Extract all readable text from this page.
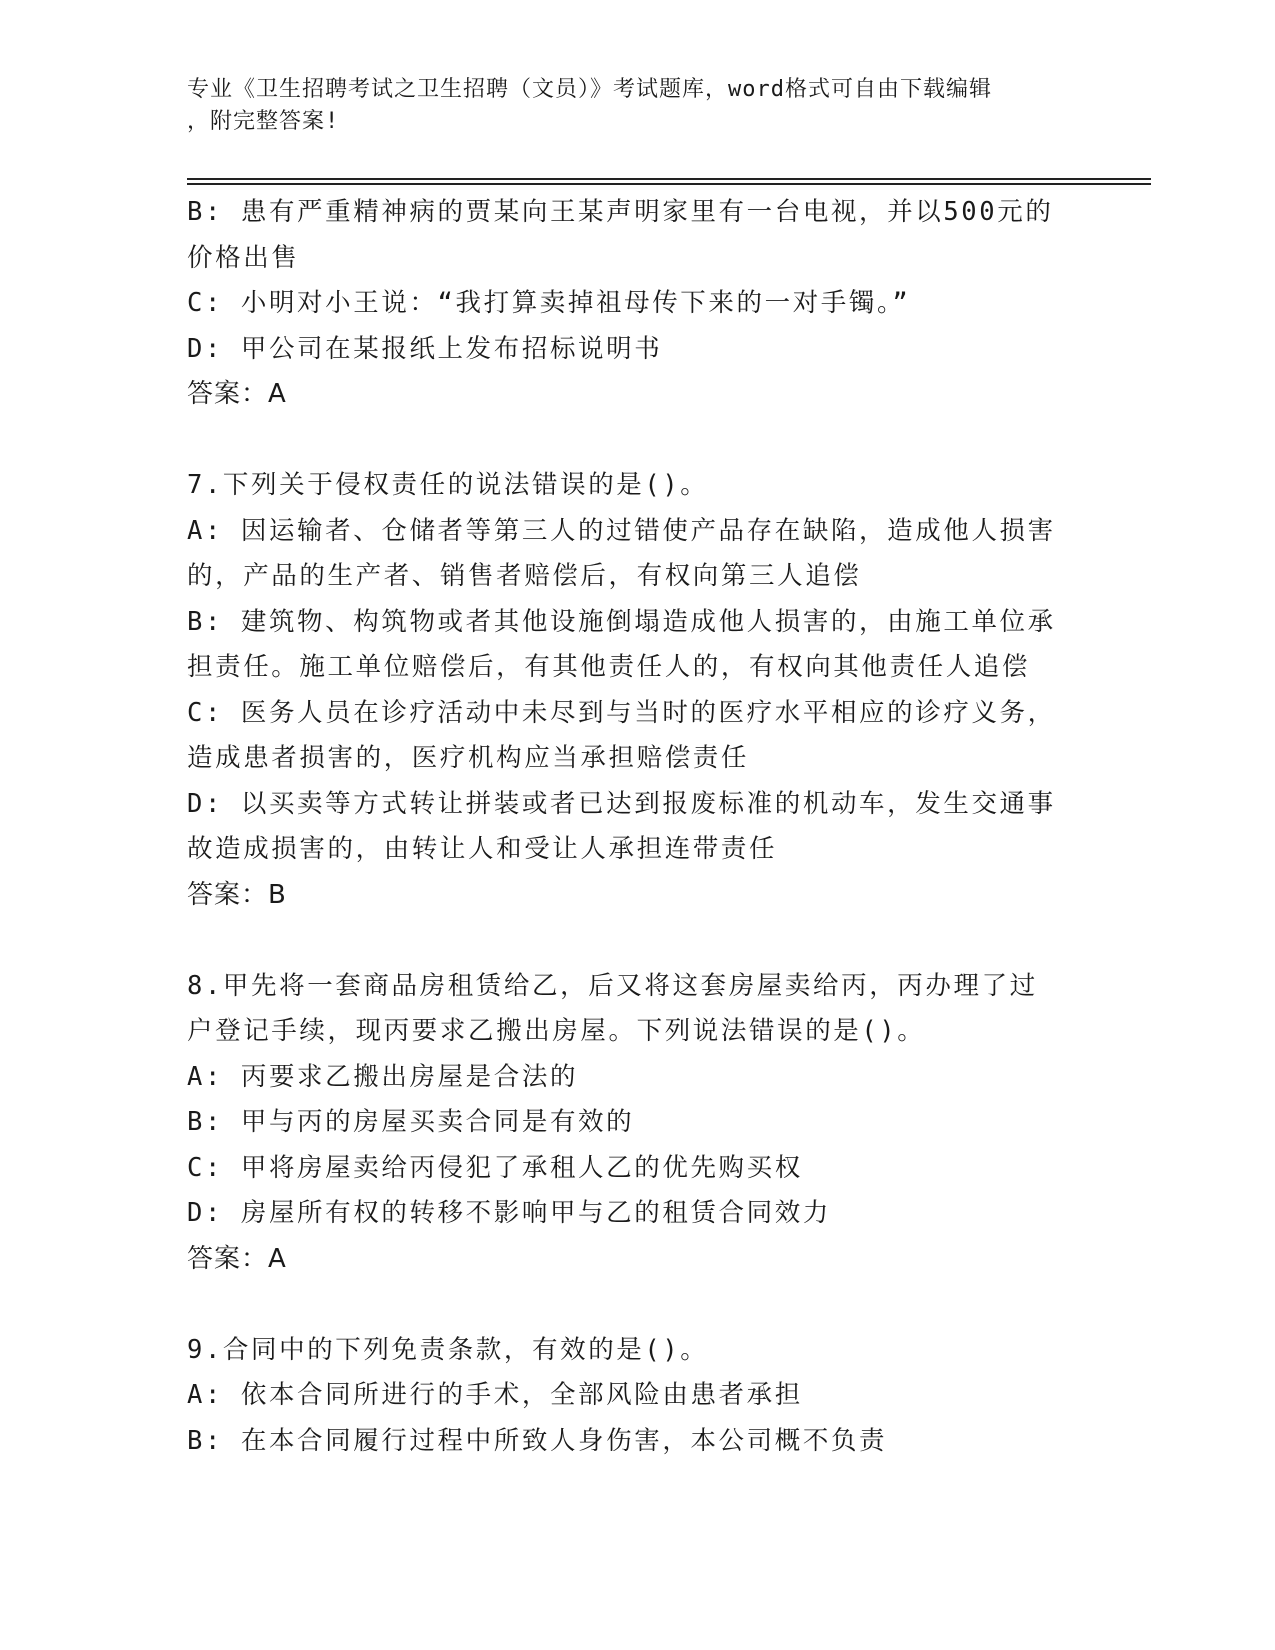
专业《卫生招聘考试之卫生招聘（文员）》考试题库，word格式可自由下载编辑
，附完整答案!
B: 患有严重精神病的贾某向王某声明家里有一台电视，并以500元的
价格出售
C: 小明对小王说：“我打算卖掉祖母传下来的一对手镯。”
D: 甲公司在某报纸上发布招标说明书
答案：A
7.下列关于侵权责任的说法错误的是()。
A: 因运输者、仓储者等第三人的过错使产品存在缺陷，造成他人损害
的，产品的生产者、销售者赔偿后，有权向第三人追偿
B: 建筑物、构筑物或者其他设施倒塌造成他人损害的，由施工单位承
担责任。施工单位赔偿后，有其他责任人的，有权向其他责任人追偿
C: 医务人员在诊疗活动中未尽到与当时的医疗水平相应的诊疗义务，
造成患者损害的，医疗机构应当承担赔偿责任
D: 以买卖等方式转让拼装或者已达到报废标准的机动车，发生交通事
故造成损害的，由转让人和受让人承担连带责任
答案：B
8.甲先将一套商品房租赁给乙，后又将这套房屋卖给丙，丙办理了过
户登记手续，现丙要求乙搬出房屋。下列说法错误的是()。
A: 丙要求乙搬出房屋是合法的
B: 甲与丙的房屋买卖合同是有效的
C: 甲将房屋卖给丙侵犯了承租人乙的优先购买权
D: 房屋所有权的转移不影响甲与乙的租赁合同效力
答案：A
9.合同中的下列免责条款，有效的是()。
A: 依本合同所进行的手术，全部风险由患者承担
B: 在本合同履行过程中所致人身伤害，本公司概不负责
